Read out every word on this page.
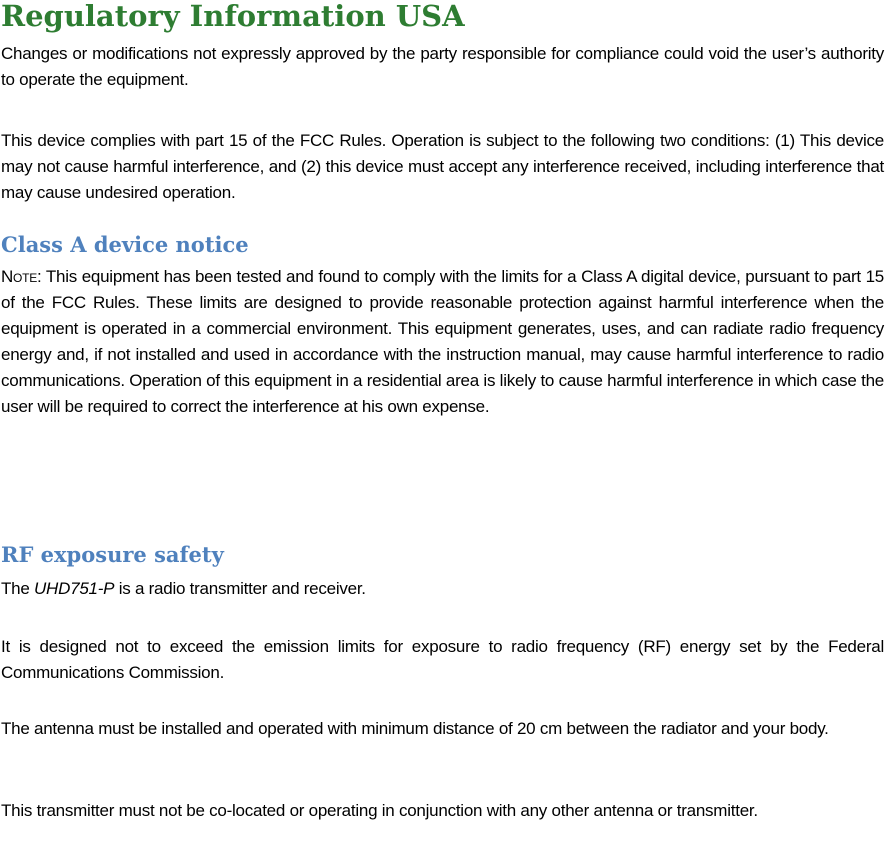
Regulatory Information USA

Changes or modifications not expressly approved by the party responsible for compliance could void the user’s authority to operate the equipment.

This device complies with part 15 of the FCC Rules. Operation is subject to the following two conditions: (1) This device may not cause harmful interference, and (2) this device must accept any interference received, including interference that may cause undesired operation.

Class A device notice

Note: This equipment has been tested and found to comply with the limits for a Class A digital device, pursuant to part 15 of the FCC Rules. These limits are designed to provide reasonable protection against harmful interference when the equipment is operated in a commercial environment. This equipment generates, uses, and can radiate radio frequency energy and, if not installed and used in accordance with the instruction manual, may cause harmful interference to radio communications. Operation of this equipment in a residential area is likely to cause harmful interference in which case the user will be required to correct the interference at his own expense.

RF exposure safety

The UHD751-P is a radio transmitter and receiver.

It is designed not to exceed the emission limits for exposure to radio frequency (RF) energy set by the Federal Communications Commission.

The antenna must be installed and operated with minimum distance of 20 cm between the radiator and your body.

This transmitter must not be co-located or operating in conjunction with any other antenna or transmitter.
